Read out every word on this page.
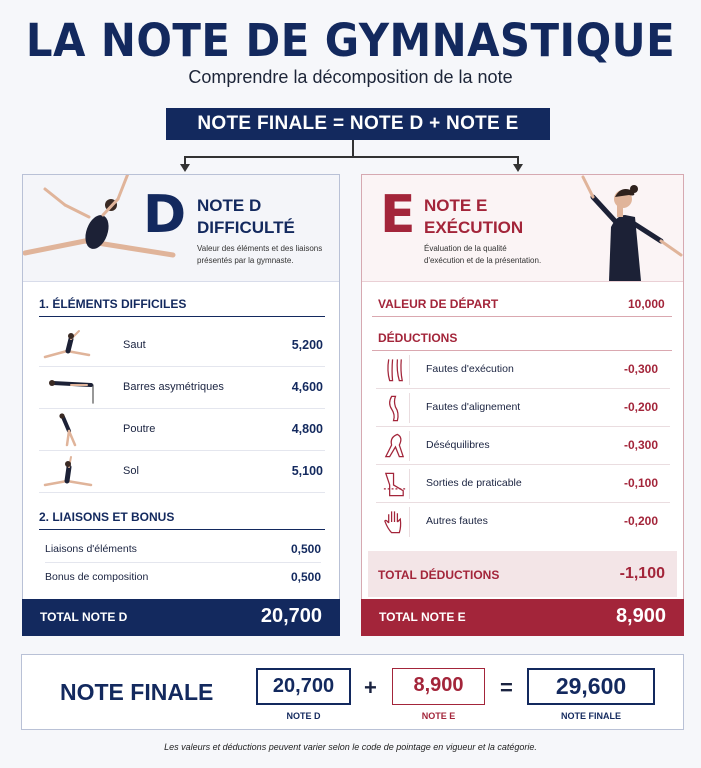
LA NOTE DE GYMNASTIQUE
Comprendre la décomposition de la note
NOTE FINALE = NOTE D + NOTE E
D NOTE D
DIFFICULTÉ
Valeur des éléments et des liaisons présentés par la gymnaste.
1. ÉLÉMENTS DIFFICILES
Saut	5,200
Barres asymétriques	4,600
Poutre	4,800
Sol	5,100
2. LIAISONS ET BONUS
Liaisons d'éléments	0,500
Bonus de composition	0,500
TOTAL NOTE D	20,700
E NOTE E
EXÉCUTION
Évaluation de la qualité d'exécution et de la présentation.
VALEUR DE DÉPART	10,000
DÉDUCTIONS
Fautes d'exécution	-0,300
Fautes d'alignement	-0,200
Déséquilibres	-0,300
Sorties de praticable	-0,100
Autres fautes	-0,200
TOTAL DÉDUCTIONS	-1,100
TOTAL NOTE E	8,900
NOTE FINALE	20,700
NOTE D
+	8,900
NOTE E
=	29,600
NOTE FINALE
Les valeurs et déductions peuvent varier selon le code de pointage en vigueur et la catégorie.
